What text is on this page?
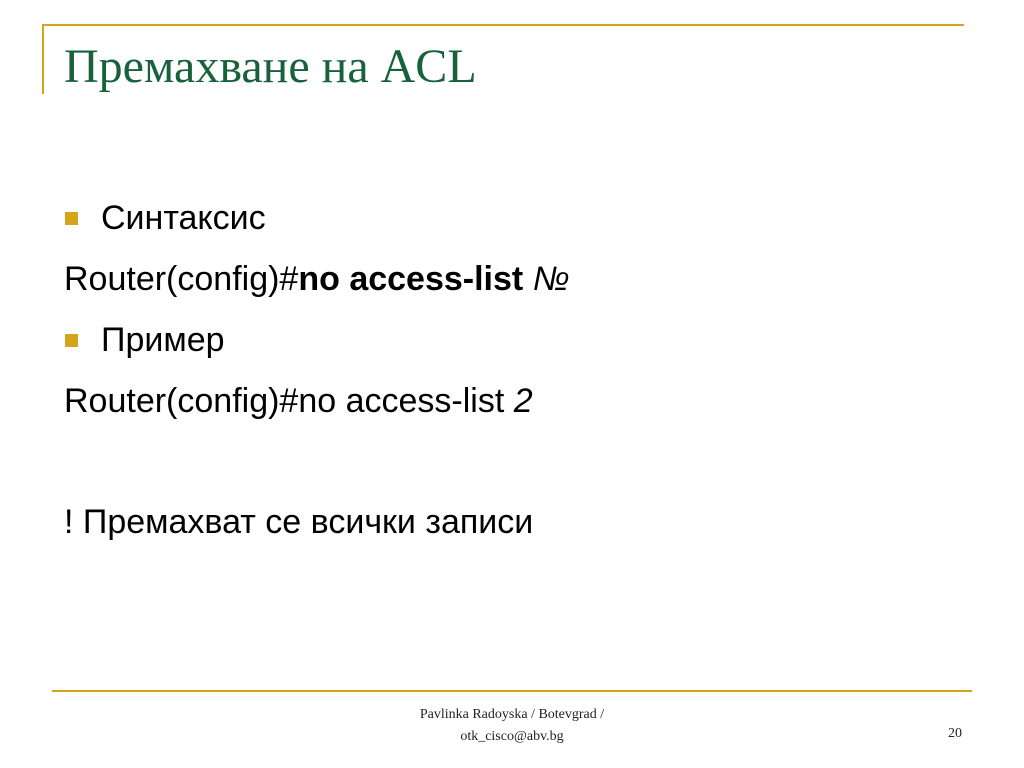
Премахване на ACL
Синтаксис
Router(config)#no access-list №
Пример
Router(config)#no access-list 2
! Премахват се всички записи
Pavlinka Radoyska / Botevgrad /
otk_cisco@abv.bg	20
